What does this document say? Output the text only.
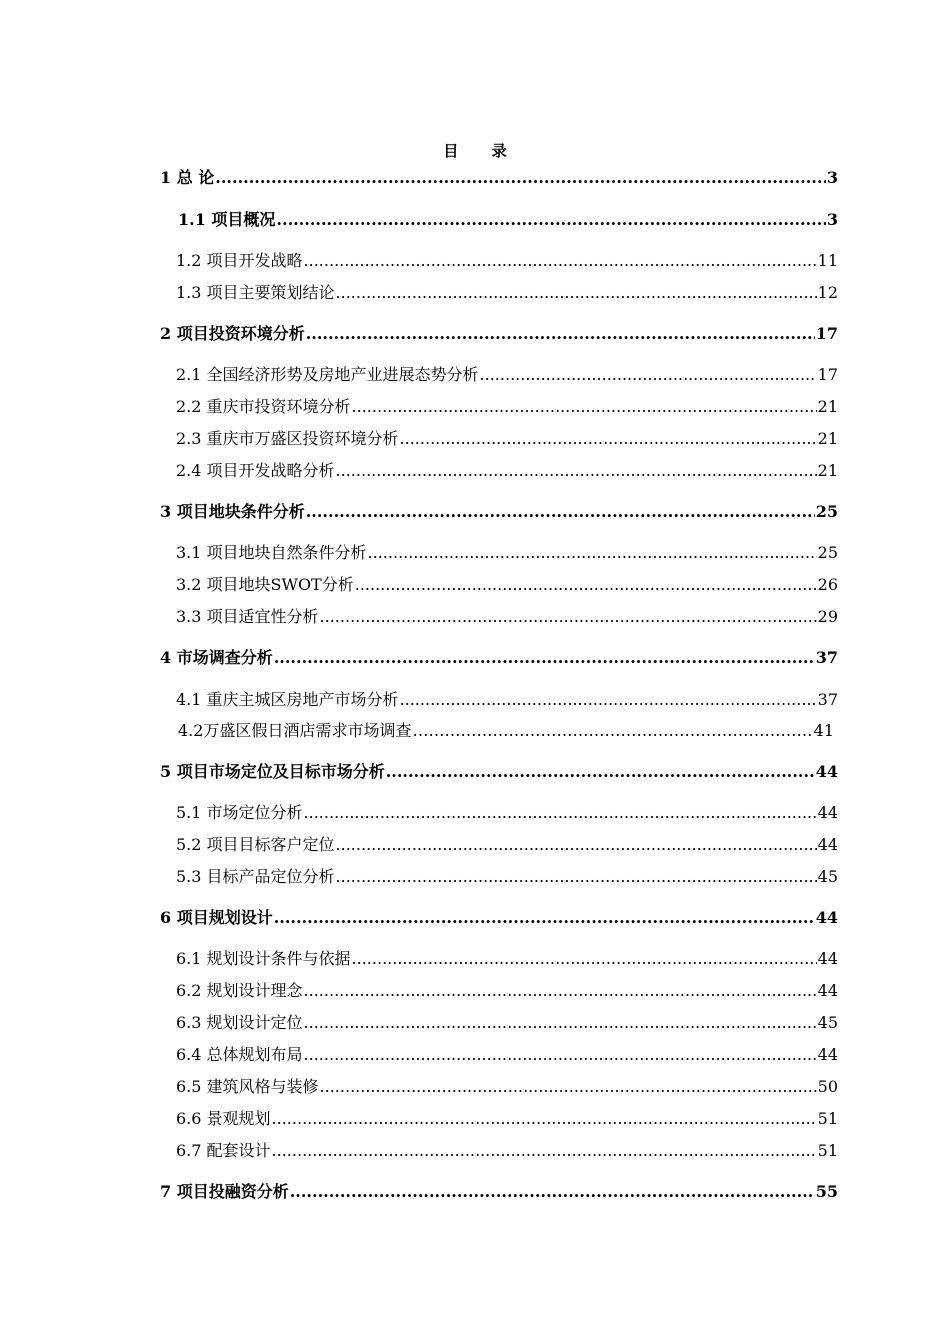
目 录
1 总 论 .....	3
1.1 项目概况 .....	3
1.2 项目开发战略 .....	11
1.3 项目主要策划结论 .....	12
2 项目投资环境分析 .....	17
2.1 全国经济形势及房地产业进展态势分析 .....	17
2.2 重庆市投资环境分析 .....	21
2.3 重庆市万盛区投资环境分析 .....	21
2.4 项目开发战略分析 .....	21
3 项目地块条件分析 .....	25
3.1 项目地块自然条件分析 .....	25
3.2 项目地块SWOT分析 .....	26
3.3 项目适宜性分析 .....	29
4 市场调查分析 .....	37
4.1 重庆主城区房地产市场分析 .....	37
4.2万盛区假日酒店需求市场调查 ……………………………………………………………………………………………………………	41
5 项目市场定位及目标市场分析 .....	44
5.1 市场定位分析 .....	44
5.2 项目目标客户定位 .....	44
5.3 目标产品定位分析 .....	45
6 项目规划设计 .....	44
6.1 规划设计条件与依据 .....	44
6.2 规划设计理念 .....	44
6.3 规划设计定位 .....	45
6.4 总体规划布局 .....	44
6.5 建筑风格与装修 .....	50
6.6 景观规划 .....	51
6.7 配套设计 .....	51
7 项目投融资分析 .....	55
